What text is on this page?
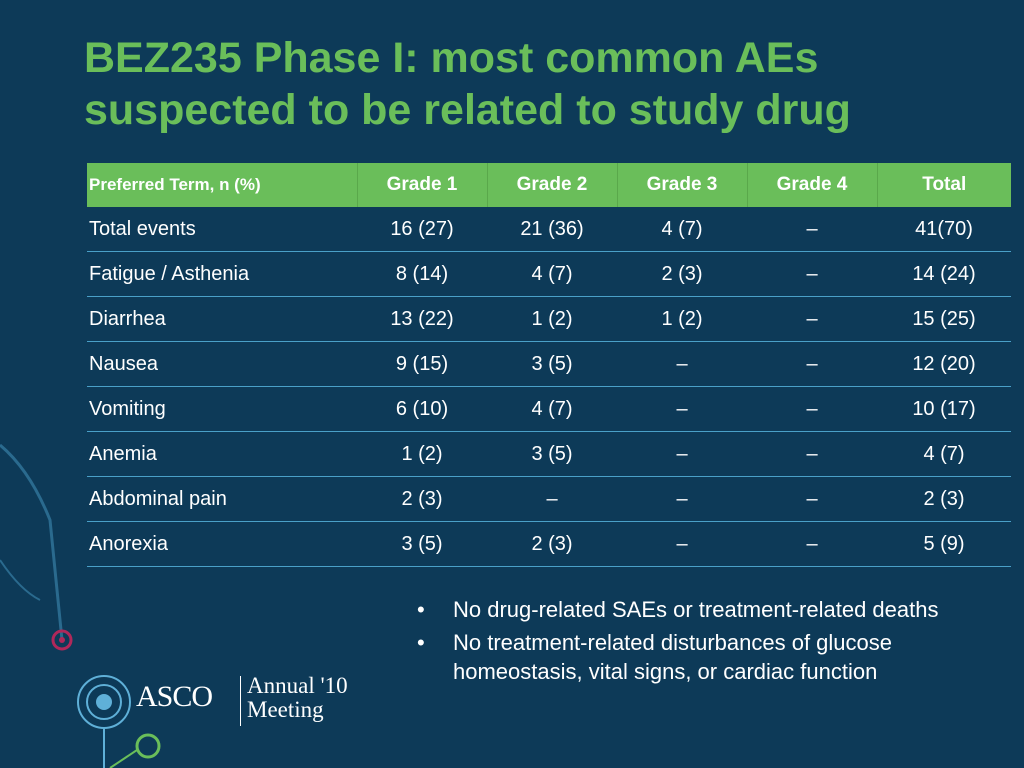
BEZ235 Phase I: most common AEs
suspected to be related to study drug
Preferred Term, n (%)	Grade 1	Grade 2	Grade 3	Grade 4	Total
Total events	16 (27)	21 (36)	4 (7)	–	41(70)
Fatigue / Asthenia	8 (14)	4 (7)	2 (3)	–	14 (24)
Diarrhea	13 (22)	1 (2)	1 (2)	–	15 (25)
Nausea	9 (15)	3 (5)	–	–	12 (20)
Vomiting	6 (10)	4 (7)	–	–	10 (17)
Anemia	1 (2)	3 (5)	–	–	4 (7)
Abdominal pain	2 (3)	–	–	–	2 (3)
Anorexia	3 (5)	2 (3)	–	–	5 (9)
• No drug-related SAEs or treatment-related deaths
• No treatment-related disturbances of glucose homeostasis, vital signs, or cardiac function
ASCO Annual '10
Meeting
